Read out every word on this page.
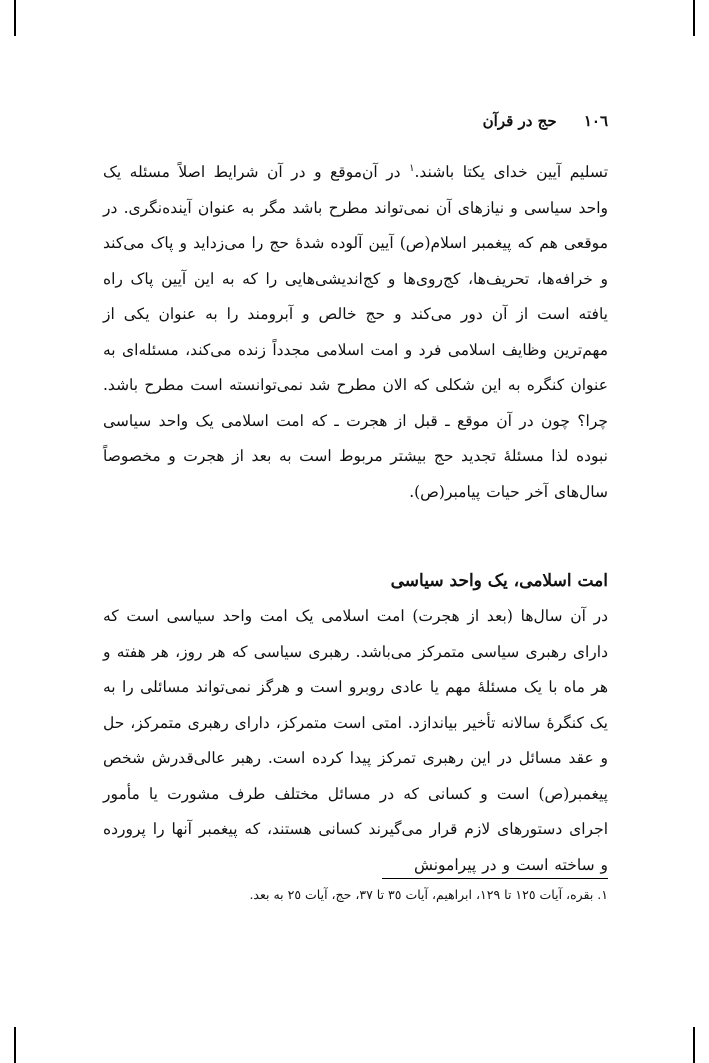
١٠٦ حج در قرآن
تسلیم آیین خدای یکتا باشند.$^١$ در آن‌موقع و در آن شرایط اصلاً مسئله یک واحد سیاسی و نیازهای آن نمی‌تواند مطرح باشد مگر به عنوان آینده‌نگری. در موقعی هم که پیغمبر اسلام(ص) آیین آلوده شدهٔ حج را می‌زداید و پاک می‌کند و خرافه‌ها، تحریف‌ها، کج‌روی‌ها و کج‌اندیشی‌هایی را که به این آیین پاک راه یافته است از آن دور می‌کند و حج خالص و آبرومند را به عنوان یکی از مهم‌ترین وظایف اسلامی فرد و امت اسلامی مجدداً زنده می‌کند، مسئله‌ای به عنوان کنگره به این شکلی که الان مطرح شد نمی‌توانسته است مطرح باشد. چرا؟ چون در آن موقع ـ قبل از هجرت ـ که امت اسلامی یک واحد سیاسی نبوده لذا مسئلهٔ تجدید حج بیشتر مربوط است به بعد از هجرت و مخصوصاً سال‌های آخر حیات پیامبر(ص).
امت اسلامی، یک واحد سیاسی
در آن سال‌ها (بعد از هجرت) امت اسلامی یک امت واحد سیاسی است که دارای رهبری سیاسی متمرکز می‌باشد. رهبری سیاسی که هر روز، هر هفته و هر ماه با یک مسئلهٔ مهم یا عادی روبرو است و هرگز نمی‌تواند مسائلی را به یک کنگرهٔ سالانه تأخیر بیاندازد. امتی است متمرکز، دارای رهبری متمرکز، حل و عقد مسائل در این رهبری تمرکز پیدا کرده است. رهبر عالی‌قدرش شخص پیغمبر(ص) است و کسانی که در مسائل مختلف طرف مشورت یا مأمور اجرای دستورهای لازم قرار می‌گیرند کسانی هستند، که پیغمبر آنها را پرورده و ساخته است و در پیرامونش
١. بقره، آیات ١٢٥ تا ١٢٩، ابراهیم، آیات ٣٥ تا ٣٧، حج، آیات ٢٥ به بعد.
